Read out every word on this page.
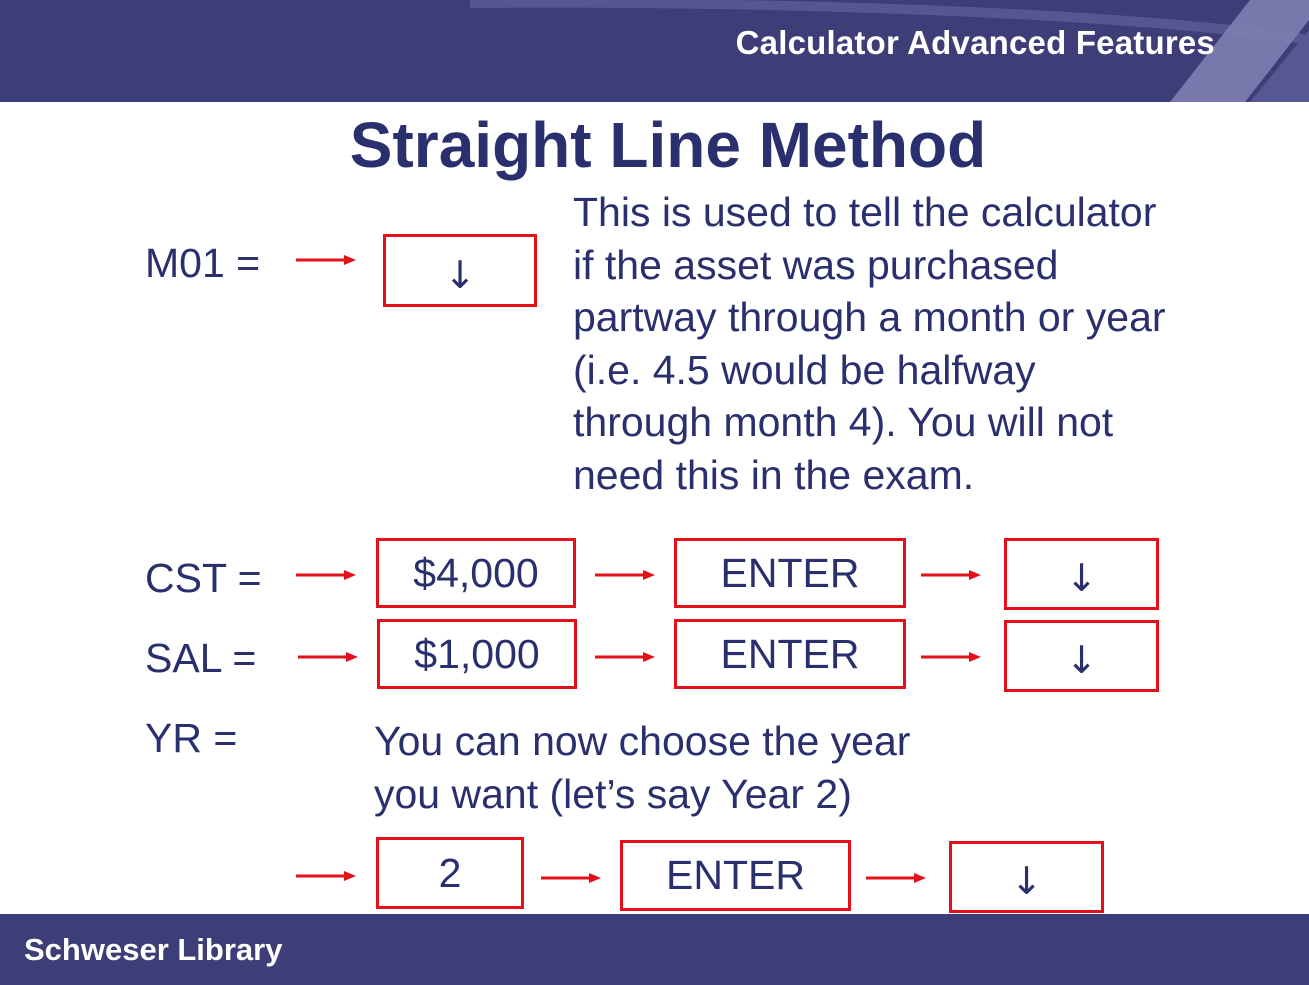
Calculator Advanced Features
Straight Line Method
M01 =	↓
This is used to tell the calculator
if the asset was purchased
partway through a month or year
(i.e. 4.5 would be halfway
through month 4). You will not
need this in the exam.
CST =	$4,000	ENTER	↓
SAL =	$1,000	ENTER	↓
YR =	You can now choose the year
you want (let’s say Year 2)
2	ENTER	↓
Schweser Library
